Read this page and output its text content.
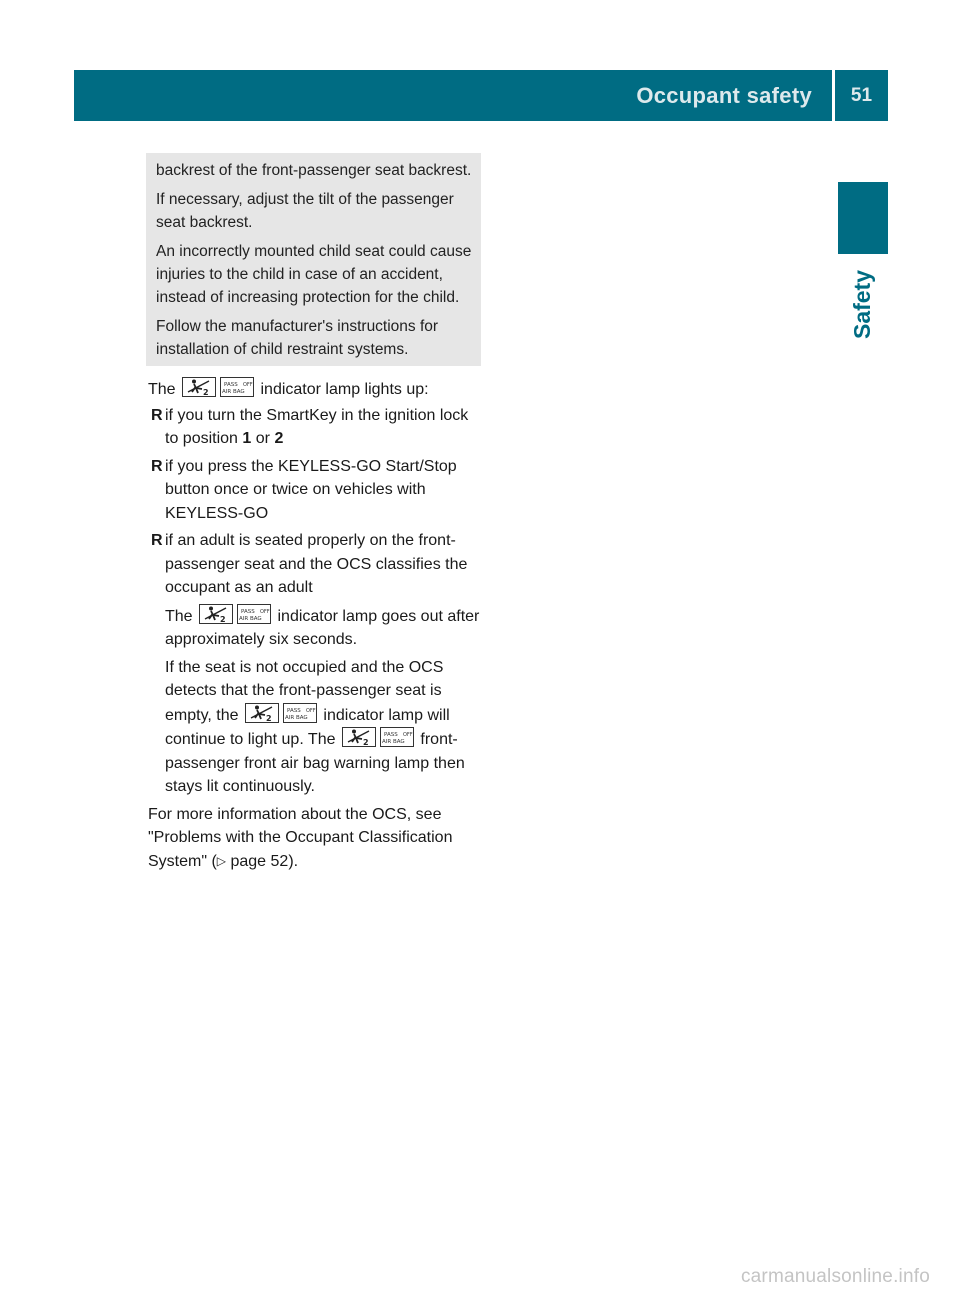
Occupant safety	51
Safety

backrest of the front-passenger seat backrest.

If necessary, adjust the tilt of the passenger seat backrest.

An incorrectly mounted child seat could cause injuries to the child in case of an accident, instead of increasing protection for the child.

Follow the manufacturer's instructions for installation of child restraint systems.

The	2
PASS
AIR BAG
OFF indicator lamp lights up:

R if you turn the SmartKey in the ignition lock to position 1 or 2
R if you press the KEYLESS-GO Start/Stop button once or twice on vehicles with KEYLESS-GO
R if an adult is seated properly on the front-passenger seat and the OCS classifies the occupant as an adult
The	2
PASS
AIR BAG
OFF indicator lamp goes out after approximately six seconds.
If the seat is not occupied and the OCS detects that the front-passenger seat is empty, the	2
PASS
AIR BAG
OFF indicator lamp will continue to light up. The	2
PASS
AIR BAG
OFF front-passenger front air bag warning lamp then stays lit continuously.

For more information about the OCS, see "Problems with the Occupant Classification System" (▷ page 52).

carmanualsonline.info
